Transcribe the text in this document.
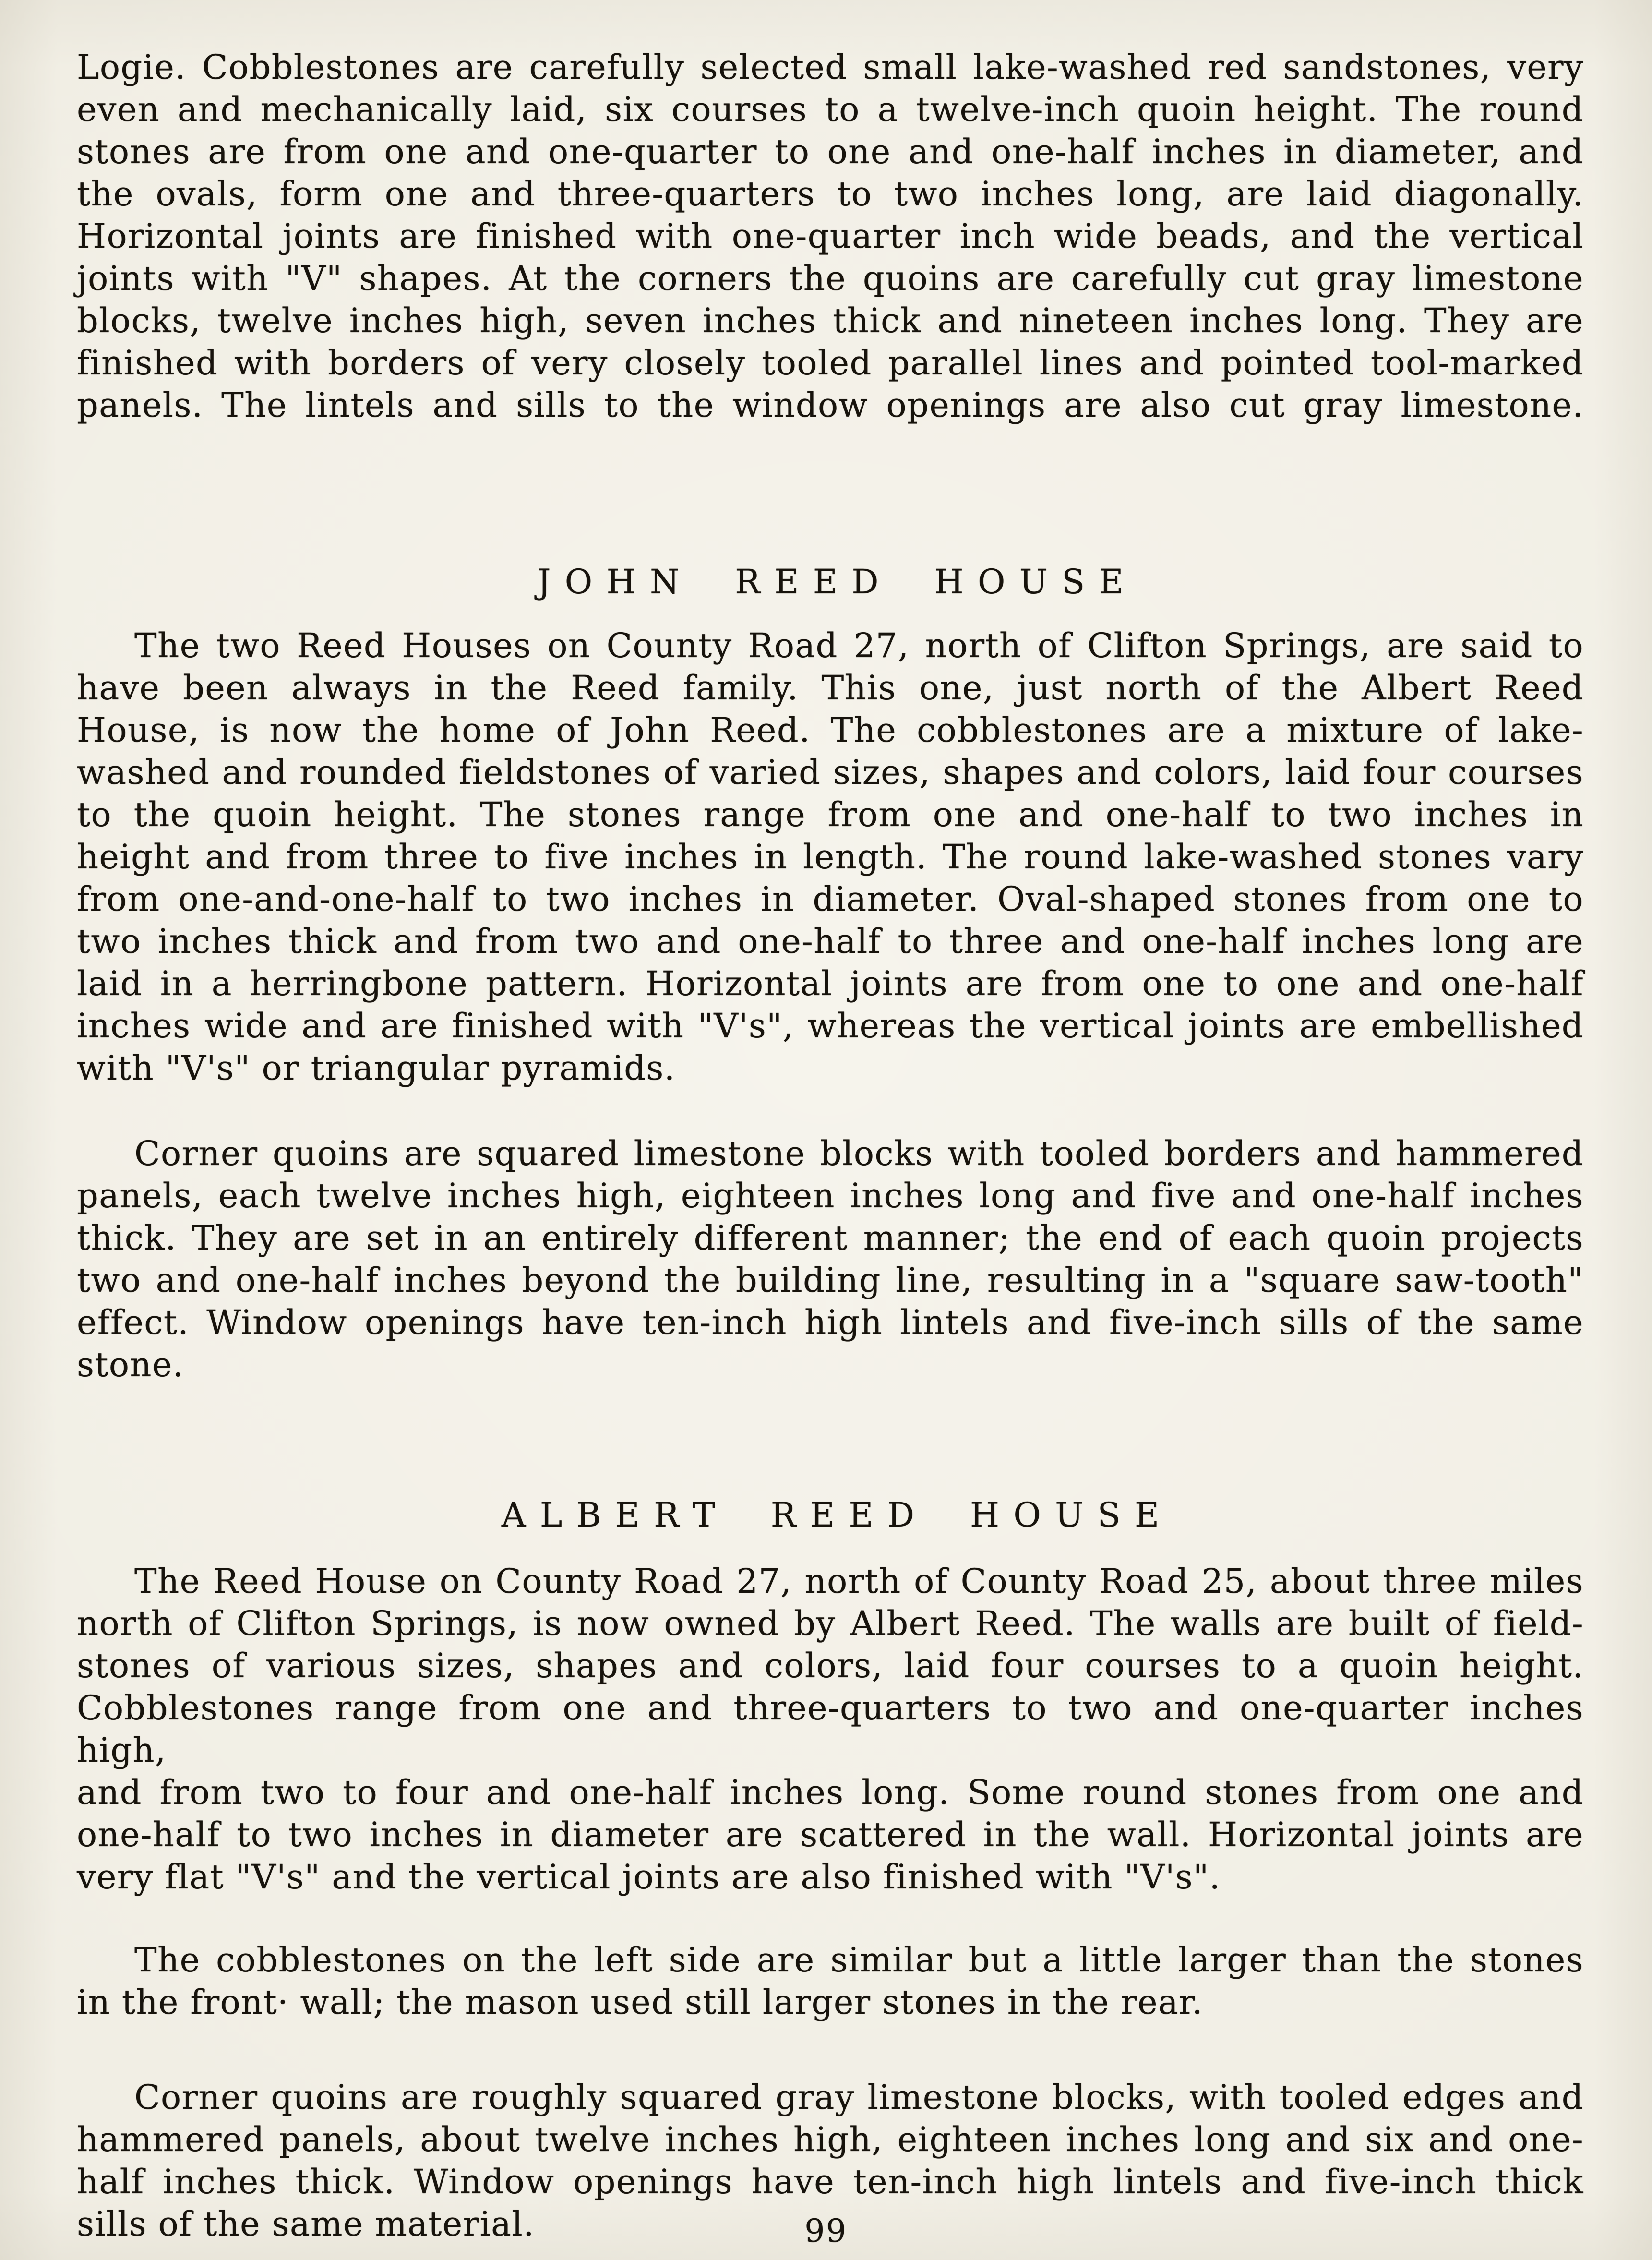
Logie. Cobblestones are carefully selected small lake-washed red sandstones, very
even and mechanically laid, six courses to a twelve-inch quoin height. The round
stones are from one and one-quarter to one and one-half inches in diameter, and
the ovals, form one and three-quarters to two inches long, are laid diagonally.
Horizontal joints are finished with one-quarter inch wide beads, and the vertical
joints with "V" shapes. At the corners the quoins are carefully cut gray limestone
blocks, twelve inches high, seven inches thick and nineteen inches long. They are
finished with borders of very closely tooled parallel lines and pointed tool-marked
panels. The lintels and sills to the window openings are also cut gray limestone.
JOHN REED HOUSE
The two Reed Houses on County Road 27, north of Clifton Springs, are said to
have been always in the Reed family. This one, just north of the Albert Reed
House, is now the home of John Reed. The cobblestones are a mixture of lake-
washed and rounded fieldstones of varied sizes, shapes and colors, laid four courses
to the quoin height. The stones range from one and one-half to two inches in
height and from three to five inches in length. The round lake-washed stones vary
from one-and-one-half to two inches in diameter. Oval-shaped stones from one to
two inches thick and from two and one-half to three and one-half inches long are
laid in a herringbone pattern. Horizontal joints are from one to one and one-half
inches wide and are finished with "V's", whereas the vertical joints are embellished
with "V's" or triangular pyramids.
Corner quoins are squared limestone blocks with tooled borders and hammered
panels, each twelve inches high, eighteen inches long and five and one-half inches
thick. They are set in an entirely different manner; the end of each quoin projects
two and one-half inches beyond the building line, resulting in a "square saw-tooth"
effect. Window openings have ten-inch high lintels and five-inch sills of the same
stone.
ALBERT REED HOUSE
The Reed House on County Road 27, north of County Road 25, about three miles
north of Clifton Springs, is now owned by Albert Reed. The walls are built of field-
stones of various sizes, shapes and colors, laid four courses to a quoin height.
Cobblestones range from one and three-quarters to two and one-quarter inches high,
and from two to four and one-half inches long. Some round stones from one and
one-half to two inches in diameter are scattered in the wall. Horizontal joints are
very flat "V's" and the vertical joints are also finished with "V's".
The cobblestones on the left side are similar but a little larger than the stones
in the front· wall; the mason used still larger stones in the rear.
Corner quoins are roughly squared gray limestone blocks, with tooled edges and
hammered panels, about twelve inches high, eighteen inches long and six and one-
half inches thick. Window openings have ten-inch high lintels and five-inch thick
sills of the same material.	99
